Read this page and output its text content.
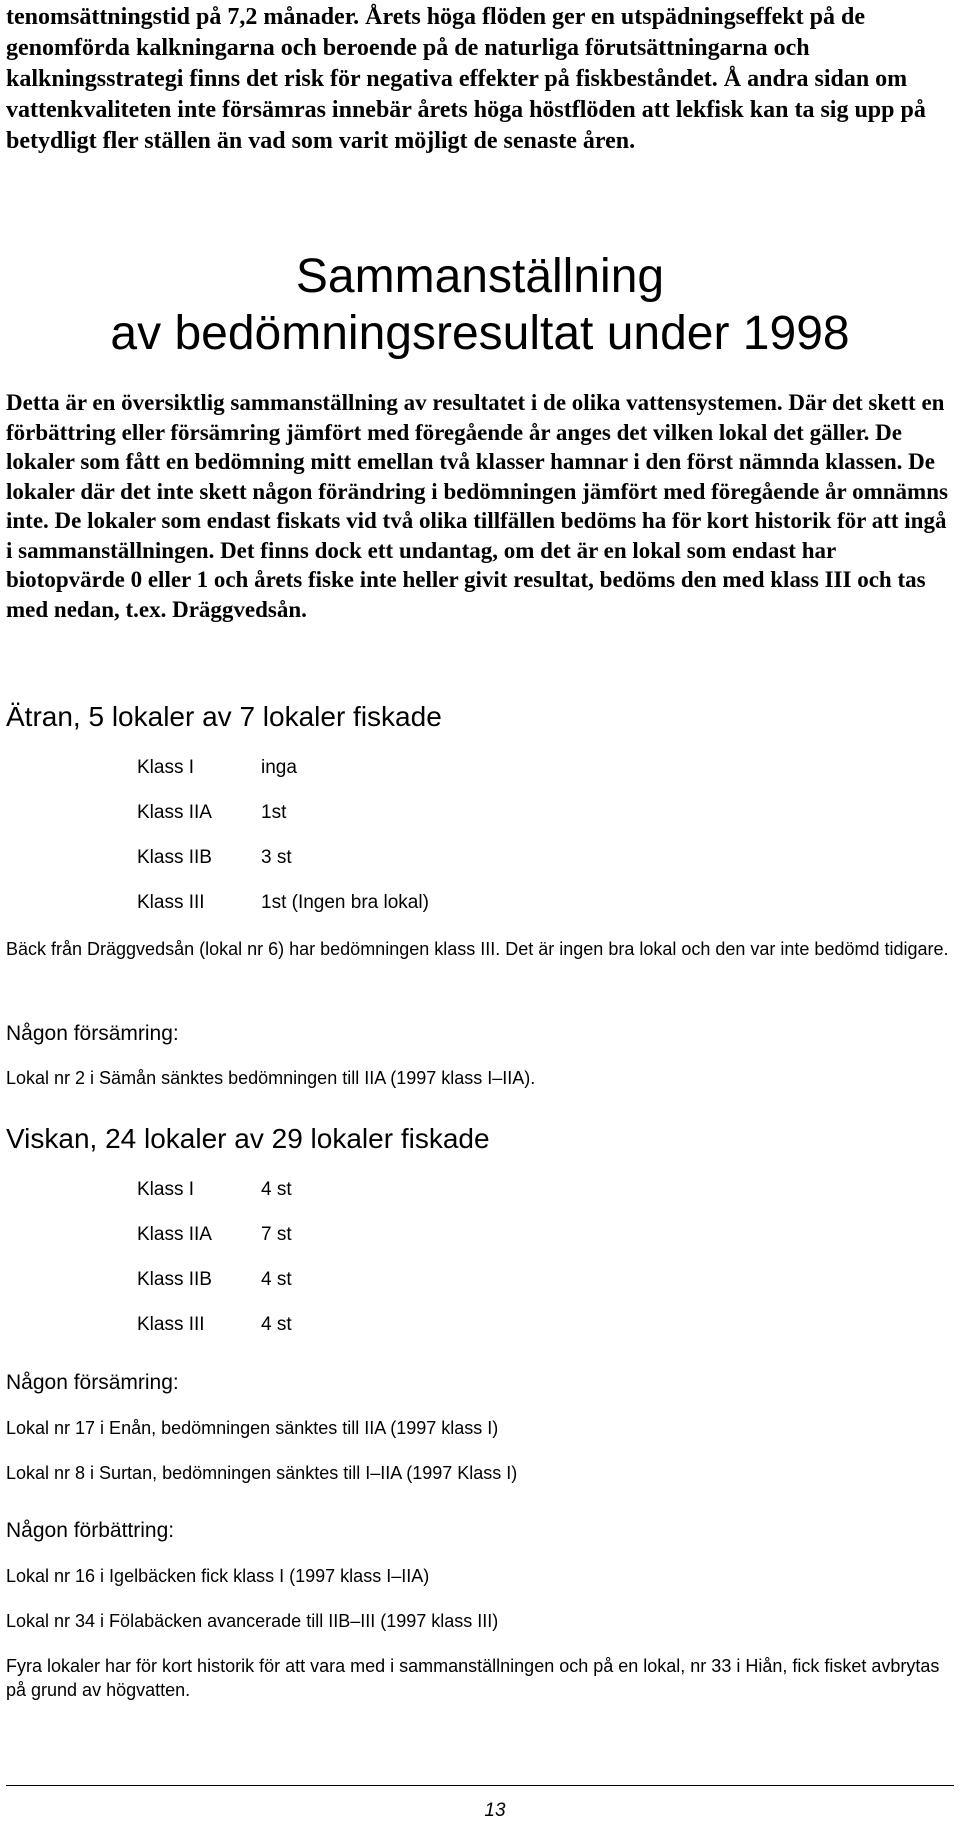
tenomsättningstid på 7,2 månader. Årets höga flöden ger en utspädningseffekt på de genomförda kalkningarna och beroende på de naturliga förutsättningarna och kalkningsstrategi finns det risk för negativa effekter på fiskbeståndet. Å andra sidan om vattenkvaliteten inte försämras innebär årets höga höstflöden att lekfisk kan ta sig upp på betydligt fler ställen än vad som varit möjligt de senaste åren.

Sammanställning
av bedömningsresultat under 1998

Detta är en översiktlig sammanställning av resultatet i de olika vattensystemen. Där det skett en förbättring eller försämring jämfört med föregående år anges det vilken lokal det gäller. De lokaler som fått en bedömning mitt emellan två klasser hamnar i den först nämnda klassen. De lokaler där det inte skett någon förändring i bedömningen jämfört med föregående år omnämns inte. De lokaler som endast fiskats vid två olika tillfällen bedöms ha för kort historik för att ingå i sammanställningen. Det finns dock ett undantag, om det är en lokal som endast har biotopvärde 0 eller 1 och årets fiske inte heller givit resultat, bedöms den med klass III och tas med nedan, t.ex. Dräggvedsån.

Ätran, 5 lokaler av 7 lokaler fiskade
Klass I	inga
Klass IIA	1st
Klass IIB	3 st
Klass III	1st (Ingen bra lokal)

Bäck från Dräggvedsån (lokal nr 6) har bedömningen klass III. Det är ingen bra lokal och den var inte bedömd tidigare.

Någon försämring:

Lokal nr 2 i Sämån sänktes bedömningen till IIA (1997 klass I–IIA).

Viskan, 24 lokaler av 29 lokaler fiskade
Klass I	4 st
Klass IIA	7 st
Klass IIB	4 st
Klass III	4 st
Någon försämring:

Lokal nr 17 i Enån, bedömningen sänktes till IIA (1997 klass I)

Lokal nr 8 i Surtan, bedömningen sänktes till I–IIA (1997 Klass I)

Någon förbättring:

Lokal nr 16 i Igelbäcken fick klass I (1997 klass I–IIA)

Lokal nr 34 i Fölabäcken avancerade till IIB–III (1997 klass III)

Fyra lokaler har för kort historik för att vara med i sammanställningen och på en lokal, nr 33 i Hiån, fick fisket avbrytas på grund av högvatten.

13
